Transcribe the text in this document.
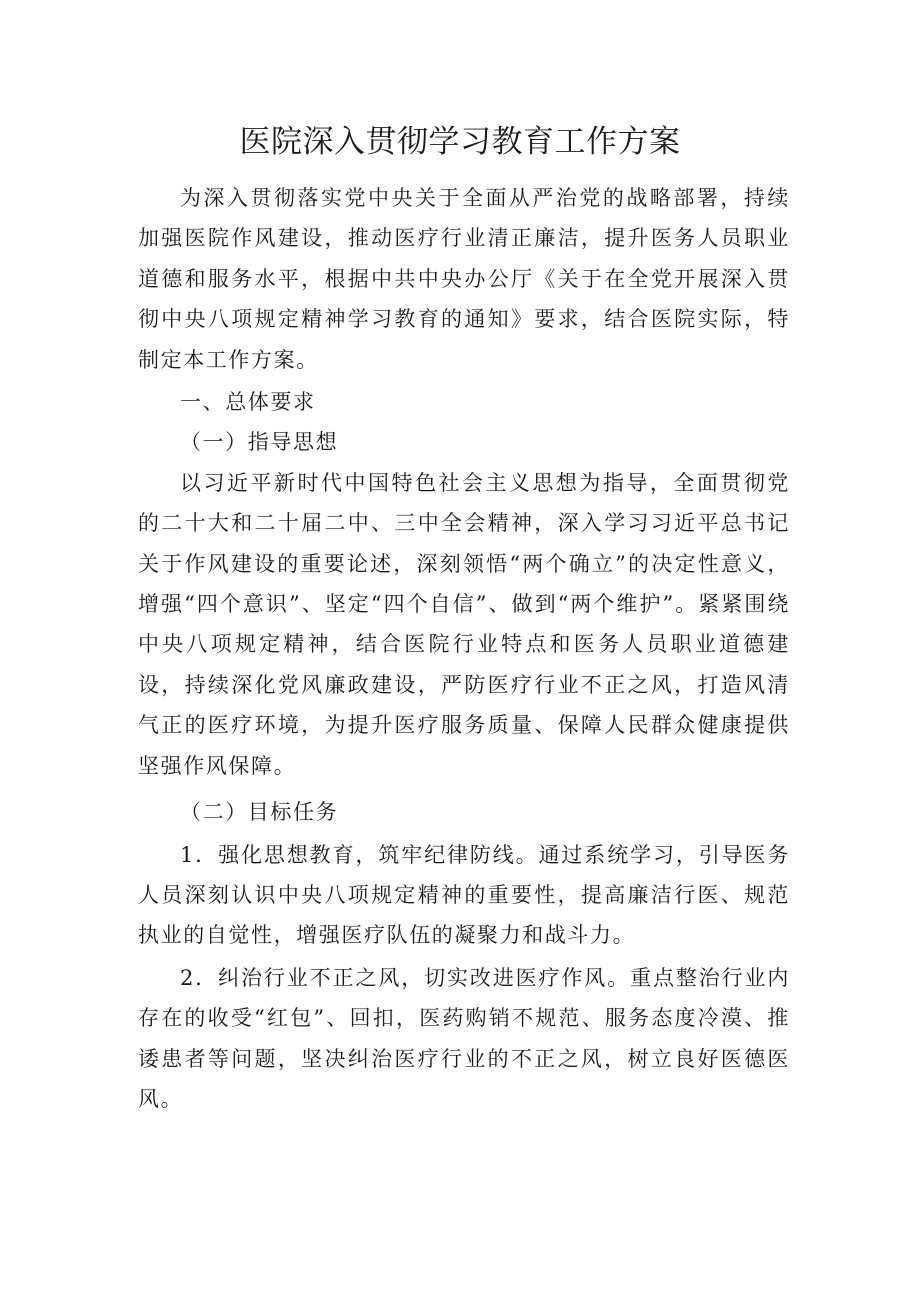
医院深入贯彻学习教育工作方案

为深入贯彻落实党中央关于全面从严治党的战略部署，持续加强医院作风建设，推动医疗行业清正廉洁，提升医务人员职业道德和服务水平，根据中共中央办公厅《关于在全党开展深入贯彻中央八项规定精神学习教育的通知》要求，结合医院实际，特制定本工作方案。

一、总体要求

（一）指导思想

以习近平新时代中国特色社会主义思想为指导，全面贯彻党的二十大和二十届二中、三中全会精神，深入学习习近平总书记关于作风建设的重要论述，深刻领悟“两个确立”的决定性意义，增强“四个意识”、坚定“四个自信”、做到“两个维护”。紧紧围绕中央八项规定精神，结合医院行业特点和医务人员职业道德建设，持续深化党风廉政建设，严防医疗行业不正之风，打造风清气正的医疗环境，为提升医疗服务质量、保障人民群众健康提供坚强作风保障。

（二）目标任务

1．强化思想教育，筑牢纪律防线。通过系统学习，引导医务人员深刻认识中央八项规定精神的重要性，提高廉洁行医、规范执业的自觉性，增强医疗队伍的凝聚力和战斗力。

2．纠治行业不正之风，切实改进医疗作风。重点整治行业内存在的收受“红包”、回扣，医药购销不规范、服务态度冷漠、推诿患者等问题，坚决纠治医疗行业的不正之风，树立良好医德医风。
